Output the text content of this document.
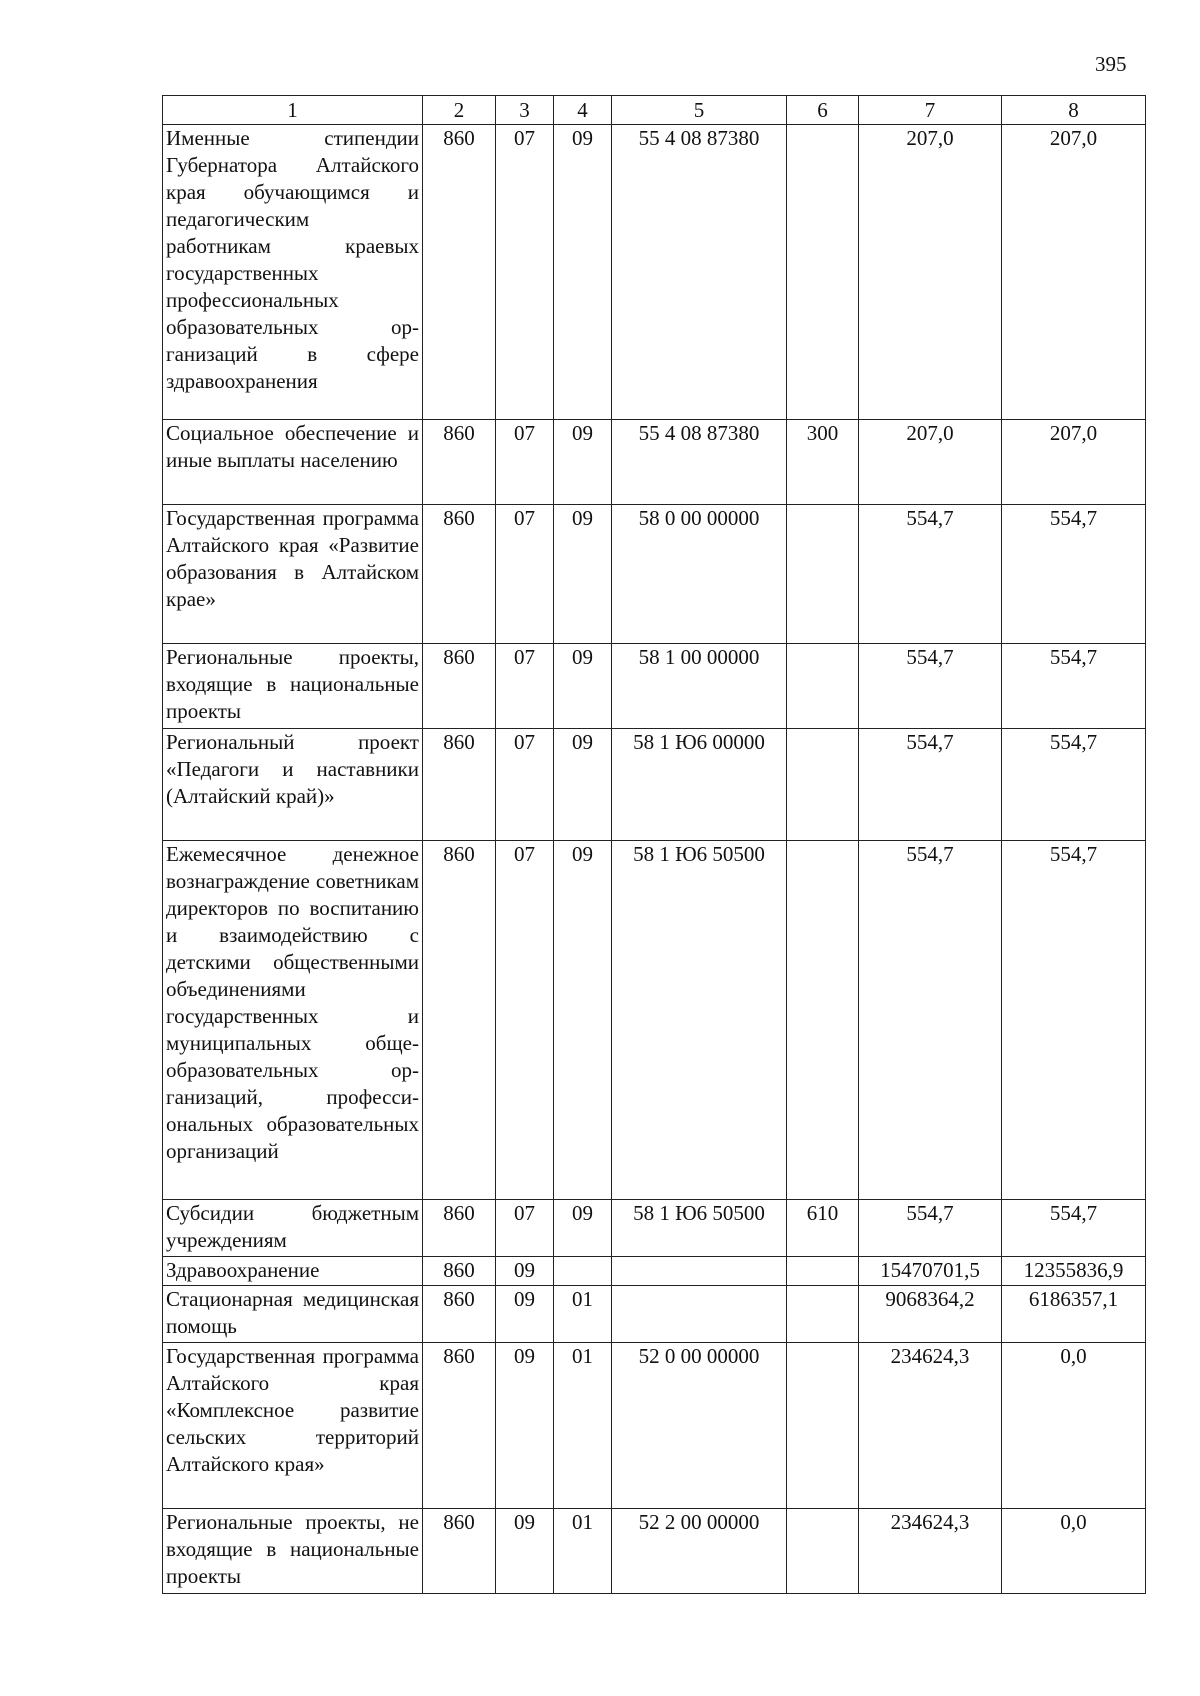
395
1	2	3	4	5	6	7	8
Именные стипендии Губернатора Алтайского края обучающимся и педагогическим работникам краевых государственных профессиональных образовательных организаций в сфере здравоохранения	860	07	09	55 4 08 87380		207,0	207,0
Социальное обеспечение и иные выплаты населению	860	07	09	55 4 08 87380	300	207,0	207,0
Государственная программа Алтайского края «Развитие образования в Алтайском крае»	860	07	09	58 0 00 00000		554,7	554,7
Региональные проекты, входящие в национальные проекты	860	07	09	58 1 00 00000		554,7	554,7
Региональный проект «Педагоги и наставники (Алтайский край)»	860	07	09	58 1 Ю6 00000		554,7	554,7
Ежемесячное денежное вознаграждение советникам директоров по воспитанию и взаимодействию с детскими общественными объединениями государственных и муниципальных общеобразовательных организаций, профессиональных образовательных организаций	860	07	09	58 1 Ю6 50500		554,7	554,7
Субсидии бюджетным учреждениям	860	07	09	58 1 Ю6 50500	610	554,7	554,7
Здравоохранение	860	09				15470701,5	12355836,9
Стационарная медицинская помощь	860	09	01			9068364,2	6186357,1
Государственная программа Алтайского края «Комплексное развитие сельских территорий Алтайского края»	860	09	01	52 0 00 00000		234624,3	0,0
Региональные проекты, не входящие в национальные проекты	860	09	01	52 2 00 00000		234624,3	0,0
